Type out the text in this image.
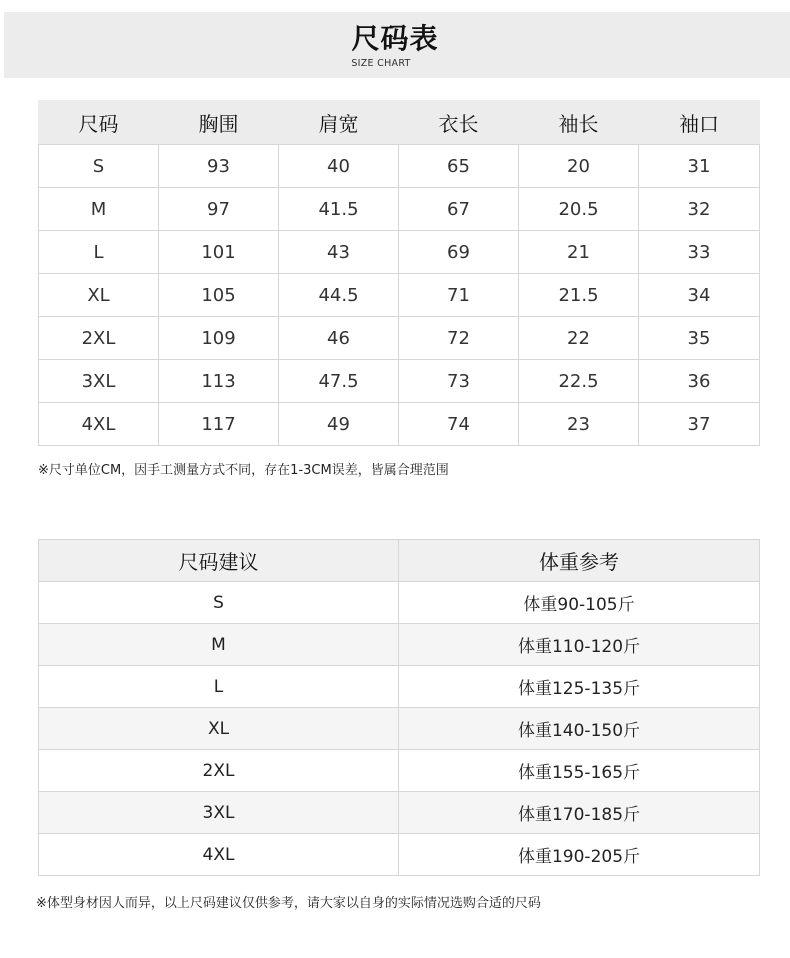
尺码表
SIZE CHART
尺码	胸围	肩宽	衣长	袖长	袖口
S	93	40	65	20	31
M	97	41.5	67	20.5	32
L	101	43	69	21	33
XL	105	44.5	71	21.5	34
2XL	109	46	72	22	35
3XL	113	47.5	73	22.5	36
4XL	117	49	74	23	37
※尺寸单位CM，因手工测量方式不同，存在1-3CM误差，皆属合理范围
尺码建议	体重参考
S	体重90-105斤
M	体重110-120斤
L	体重125-135斤
XL	体重140-150斤
2XL	体重155-165斤
3XL	体重170-185斤
4XL	体重190-205斤
※体型身材因人而异，以上尺码建议仅供参考，请大家以自身的实际情况选购合适的尺码
